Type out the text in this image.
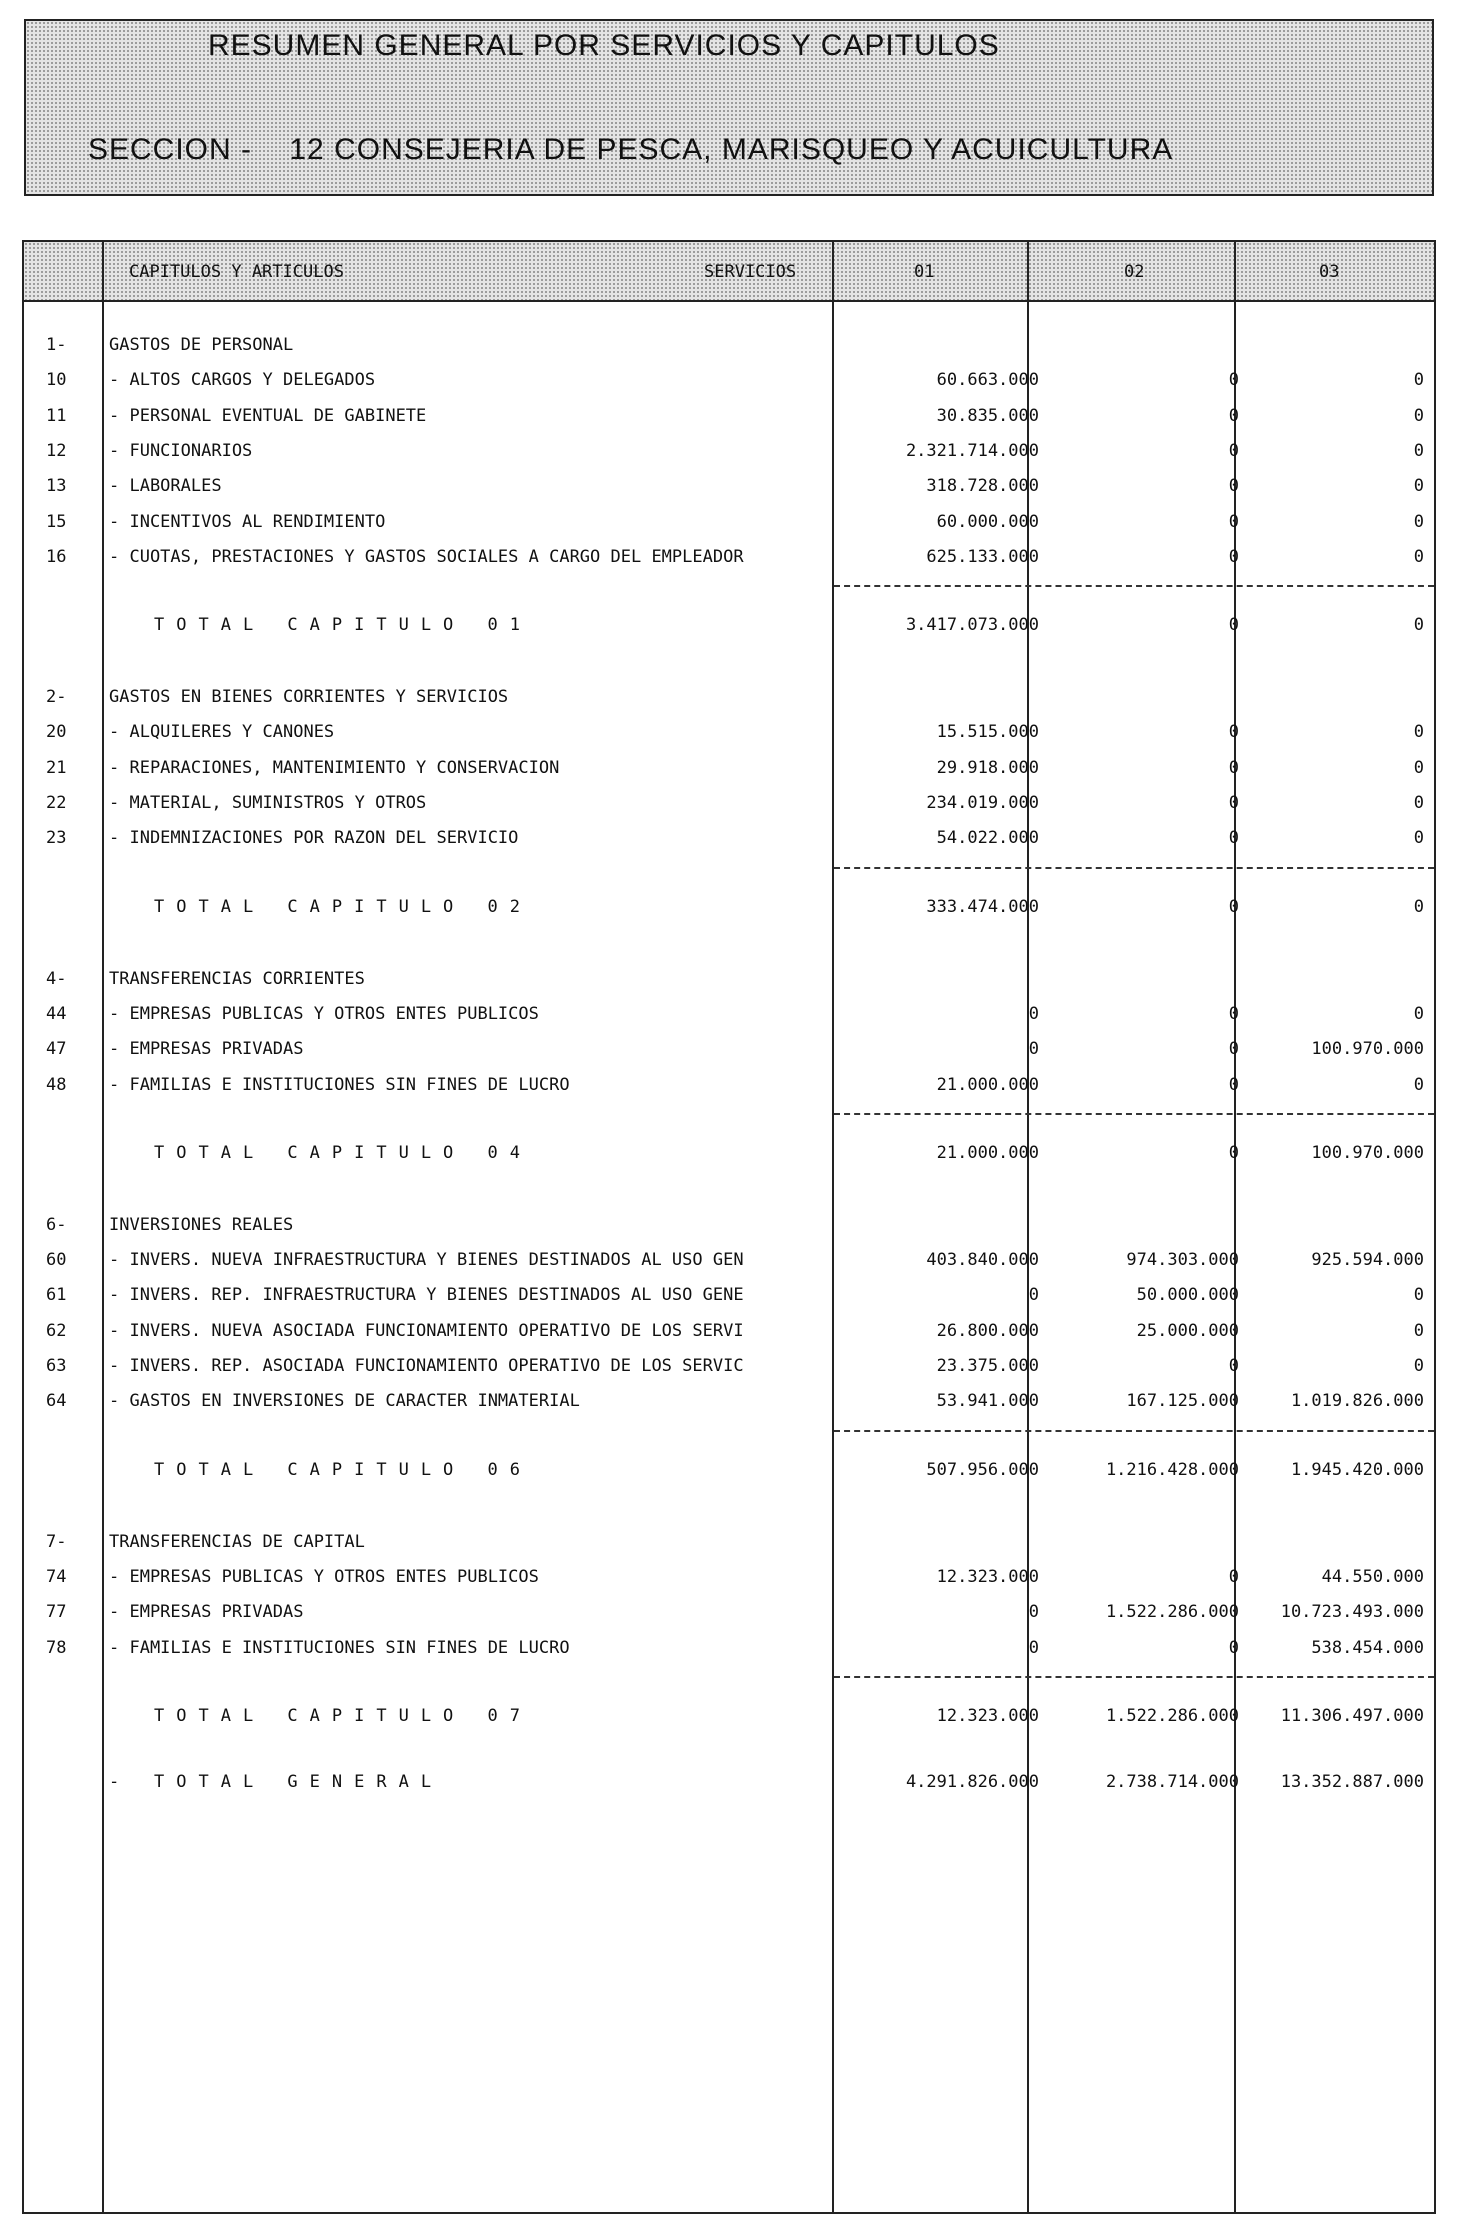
RESUMEN GENERAL POR SERVICIOS Y CAPITULOS
SECCION - 12 CONSEJERIA DE PESCA, MARISQUEO Y ACUICULTURA
CAPITULOS Y ARTICULOS	SERVICIOS	01	02	03
1-	GASTOS DE PERSONAL
10	- ALTOS CARGOS Y DELEGADOS	60.663.000	0	0
11	- PERSONAL EVENTUAL DE GABINETE	30.835.000	0	0
12	- FUNCIONARIOS	2.321.714.000	0	0
13	- LABORALES	318.728.000	0	0
15	- INCENTIVOS AL RENDIMIENTO	60.000.000	0	0
16	- CUOTAS, PRESTACIONES Y GASTOS SOCIALES A CARGO DEL EMPLEADOR	625.133.000	0	0
TOTAL CAPITULO 01	3.417.073.000	0	0
2-	GASTOS EN BIENES CORRIENTES Y SERVICIOS
20	- ALQUILERES Y CANONES	15.515.000	0	0
21	- REPARACIONES, MANTENIMIENTO Y CONSERVACION	29.918.000	0	0
22	- MATERIAL, SUMINISTROS Y OTROS	234.019.000	0	0
23	- INDEMNIZACIONES POR RAZON DEL SERVICIO	54.022.000	0	0
TOTAL CAPITULO 02	333.474.000	0	0
4-	TRANSFERENCIAS CORRIENTES
44	- EMPRESAS PUBLICAS Y OTROS ENTES PUBLICOS	0	0	0
47	- EMPRESAS PRIVADAS	0	0	100.970.000
48	- FAMILIAS E INSTITUCIONES SIN FINES DE LUCRO	21.000.000	0	0
TOTAL CAPITULO 04	21.000.000	0	100.970.000
6-	INVERSIONES REALES
60	- INVERS. NUEVA INFRAESTRUCTURA Y BIENES DESTINADOS AL USO GEN	403.840.000	974.303.000	925.594.000
61	- INVERS. REP. INFRAESTRUCTURA Y BIENES DESTINADOS AL USO GENE	0	50.000.000	0
62	- INVERS. NUEVA ASOCIADA FUNCIONAMIENTO OPERATIVO DE LOS SERVI	26.800.000	25.000.000	0
63	- INVERS. REP. ASOCIADA FUNCIONAMIENTO OPERATIVO DE LOS SERVIC	23.375.000	0	0
64	- GASTOS EN INVERSIONES DE CARACTER INMATERIAL	53.941.000	167.125.000	1.019.826.000
TOTAL CAPITULO 06	507.956.000	1.216.428.000	1.945.420.000
7-	TRANSFERENCIAS DE CAPITAL
74	- EMPRESAS PUBLICAS Y OTROS ENTES PUBLICOS	12.323.000	0	44.550.000
77	- EMPRESAS PRIVADAS	0	1.522.286.000	10.723.493.000
78	- FAMILIAS E INSTITUCIONES SIN FINES DE LUCRO	0	0	538.454.000
TOTAL CAPITULO 07	12.323.000	1.522.286.000	11.306.497.000
-	TOTAL GENERAL	4.291.826.000	2.738.714.000	13.352.887.000
